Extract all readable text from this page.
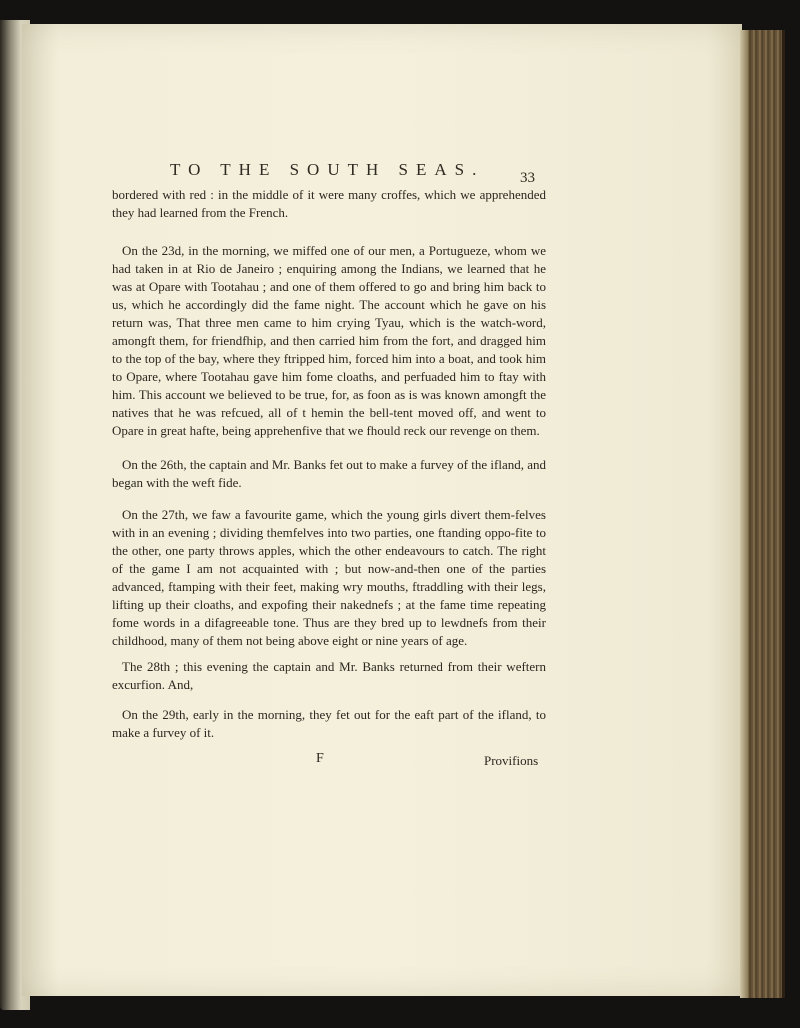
TO THE SOUTH SEAS.	33

bordered with red : in the middle of it were many croffes, which we apprehended they had learned from the French.

On the 23d, in the morning, we miffed one of our men, a Portugueze, whom we had taken in at Rio de Janeiro ; enquiring among the Indians, we learned that he was at Opare with Tootahau ; and one of them offered to go and bring him back to us, which he accordingly did the fame night. The account which he gave on his return was, That three men came to him crying Tyau, which is the watch-word, amongft them, for friendfhip, and then carried him from the fort, and dragged him to the top of the bay, where they ftripped him, forced him into a boat, and took him to Opare, where Tootahau gave him fome cloaths, and perfuaded him to ftay with him. This account we believed to be true, for, as foon as is was known amongft the natives that he was refcued, all of t hemin the bell-tent moved off, and went to Opare in great hafte, being apprehenfive that we fhould reck our revenge on them.

On the 26th, the captain and Mr. Banks fet out to make a furvey of the ifland, and began with the weft fide.

On the 27th, we faw a favourite game, which the young girls divert them-felves with in an evening ; dividing themfelves into two parties, one ftanding oppo-fite to the other, one party throws apples, which the other endeavours to catch. The right of the game I am not acquainted with ; but now-and-then one of the parties advanced, ftamping with their feet, making wry mouths, ftraddling with their legs, lifting up their cloaths, and expofing their nakednefs ; at the fame time repeating fome words in a difagreeable tone. Thus are they bred up to lewdnefs from their childhood, many of them not being above eight or nine years of age.

The 28th ; this evening the captain and Mr. Banks returned from their weftern excurfion. And,

On the 29th, early in the morning, they fet out for the eaft part of the ifland, to make a furvey of it.

F	Provifions
